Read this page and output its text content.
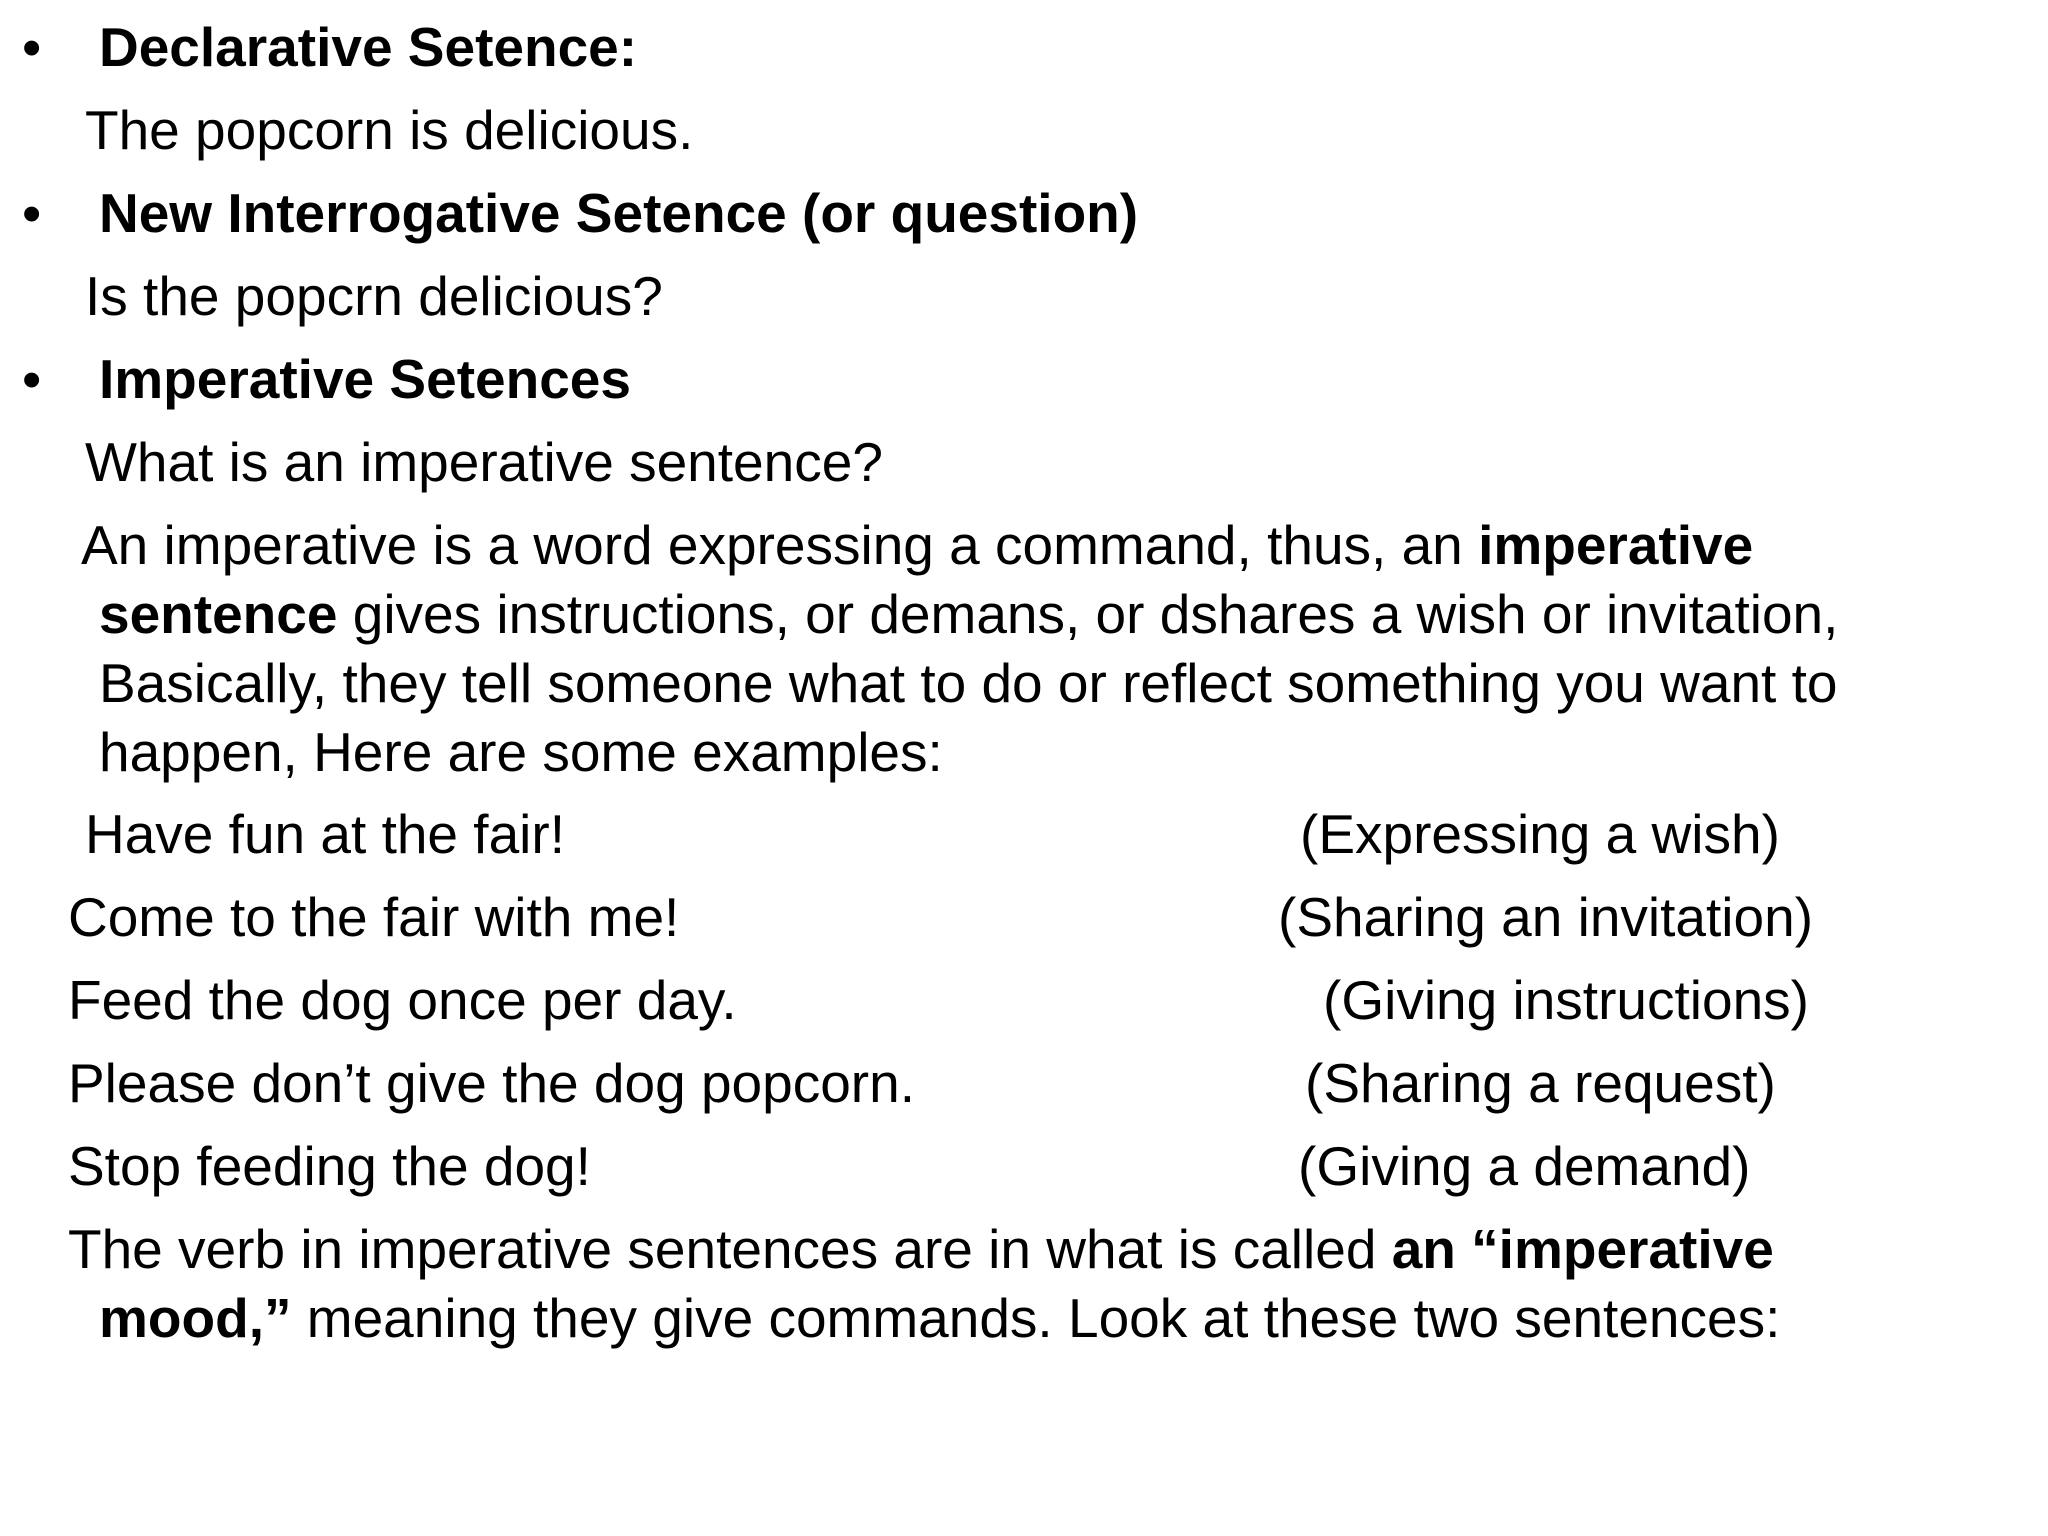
• Declarative Setence:
The popcorn is delicious.
• New Interrogative Setence (or question)
Is the popcrn delicious?
• Imperative Setences
What is an imperative sentence?
An imperative is a word expressing a command, thus, an imperative
sentence gives instructions, or demans, or dshares a wish or invitation,
Basically, they tell someone what to do or reflect something you want to
happen, Here are some examples:
Have fun at the fair!	(Expressing a wish)
Come to the fair with me!	(Sharing an invitation)
Feed the dog once per day.	(Giving instructions)
Please don’t give the dog popcorn.	(Sharing a request)
Stop feeding the dog!	(Giving a demand)
The verb in imperative sentences are in what is called an “imperative
mood,” meaning they give commands. Look at these two sentences:
